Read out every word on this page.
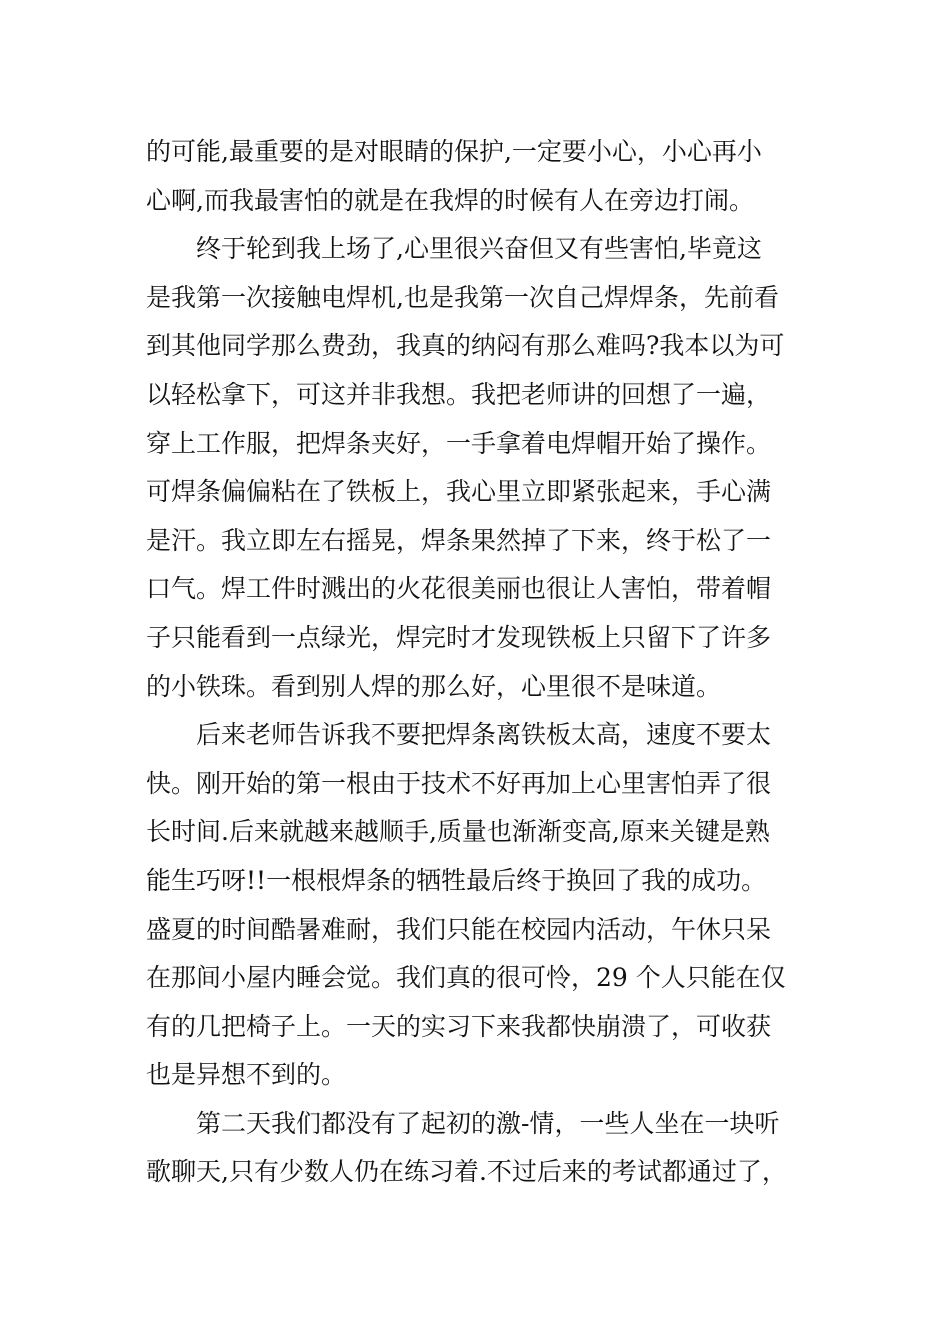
的可能,最重要的是对眼睛的保护,一定要小心，小心再小
心啊,而我最害怕的就是在我焊的时候有人在旁边打闹。
终于轮到我上场了,心里很兴奋但又有些害怕,毕竟这
是我第一次接触电焊机,也是我第一次自己焊焊条，先前看
到其他同学那么费劲，我真的纳闷有那么难吗?我本以为可
以轻松拿下，可这并非我想。我把老师讲的回想了一遍，
穿上工作服，把焊条夹好，一手拿着电焊帽开始了操作。
可焊条偏偏粘在了铁板上，我心里立即紧张起来，手心满
是汗。我立即左右摇晃，焊条果然掉了下来，终于松了一
口气。焊工件时溅出的火花很美丽也很让人害怕，带着帽
子只能看到一点绿光，焊完时才发现铁板上只留下了许多
的小铁珠。看到别人焊的那么好，心里很不是味道。
后来老师告诉我不要把焊条离铁板太高，速度不要太
快。刚开始的第一根由于技术不好再加上心里害怕弄了很
长时间.后来就越来越顺手,质量也渐渐变高,原来关键是熟
能生巧呀!!一根根焊条的牺牲最后终于换回了我的成功。
盛夏的时间酷暑难耐，我们只能在校园内活动，午休只呆
在那间小屋内睡会觉。我们真的很可怜，29 个人只能在仅
有的几把椅子上。一天的实习下来我都快崩溃了，可收获
也是异想不到的。
第二天我们都没有了起初的激-情，一些人坐在一块听
歌聊天,只有少数人仍在练习着.不过后来的考试都通过了，
